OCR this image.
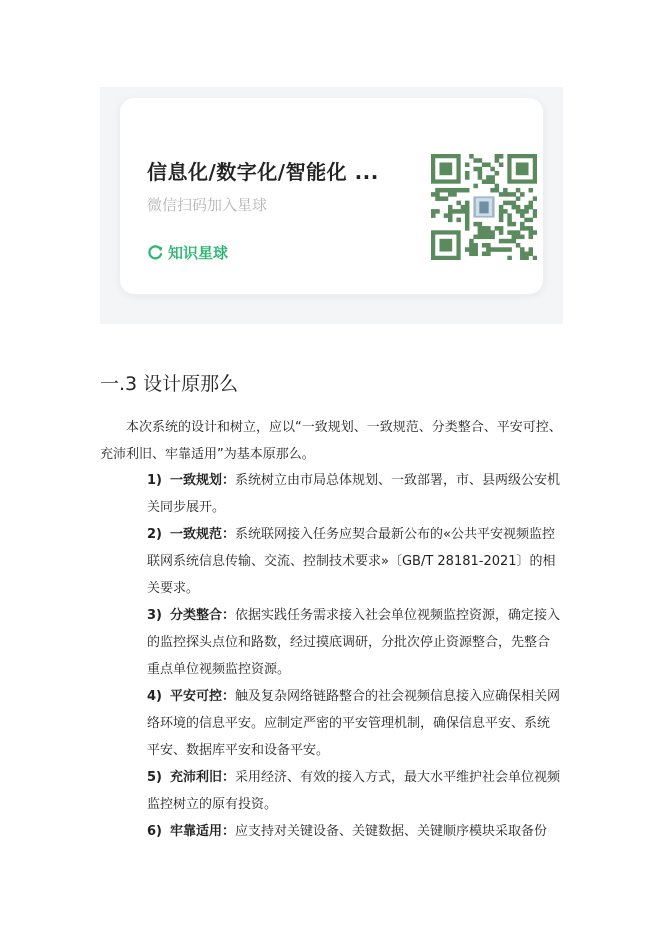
信息化/数字化/智能化 ...
微信扫码加入星球
知识星球
一.3 设计原那么
本次系统的设计和树立，应以“一致规划、一致规范、分类整合、平安可控、充沛利旧、牢靠适用”为基本原那么。
1) 一致规划：系统树立由市局总体规划、一致部署，市、县两级公安机关同步展开。
2) 一致规范：系统联网接入任务应契合最新公布的«公共平安视频监控联网系统信息传输、交流、控制技术要求»〔GB/T 28181-2021〕的相关要求。
3) 分类整合：依据实践任务需求接入社会单位视频监控资源，确定接入的监控探头点位和路数，经过摸底调研，分批次停止资源整合，先整合重点单位视频监控资源。
4) 平安可控：触及复杂网络链路整合的社会视频信息接入应确保相关网络环境的信息平安。应制定严密的平安管理机制，确保信息平安、系统平安、数据库平安和设备平安。
5) 充沛利旧：采用经济、有效的接入方式，最大水平维护社会单位视频监控树立的原有投资。
6) 牢靠适用：应支持对关键设备、关键数据、关键顺序模块采取备份
